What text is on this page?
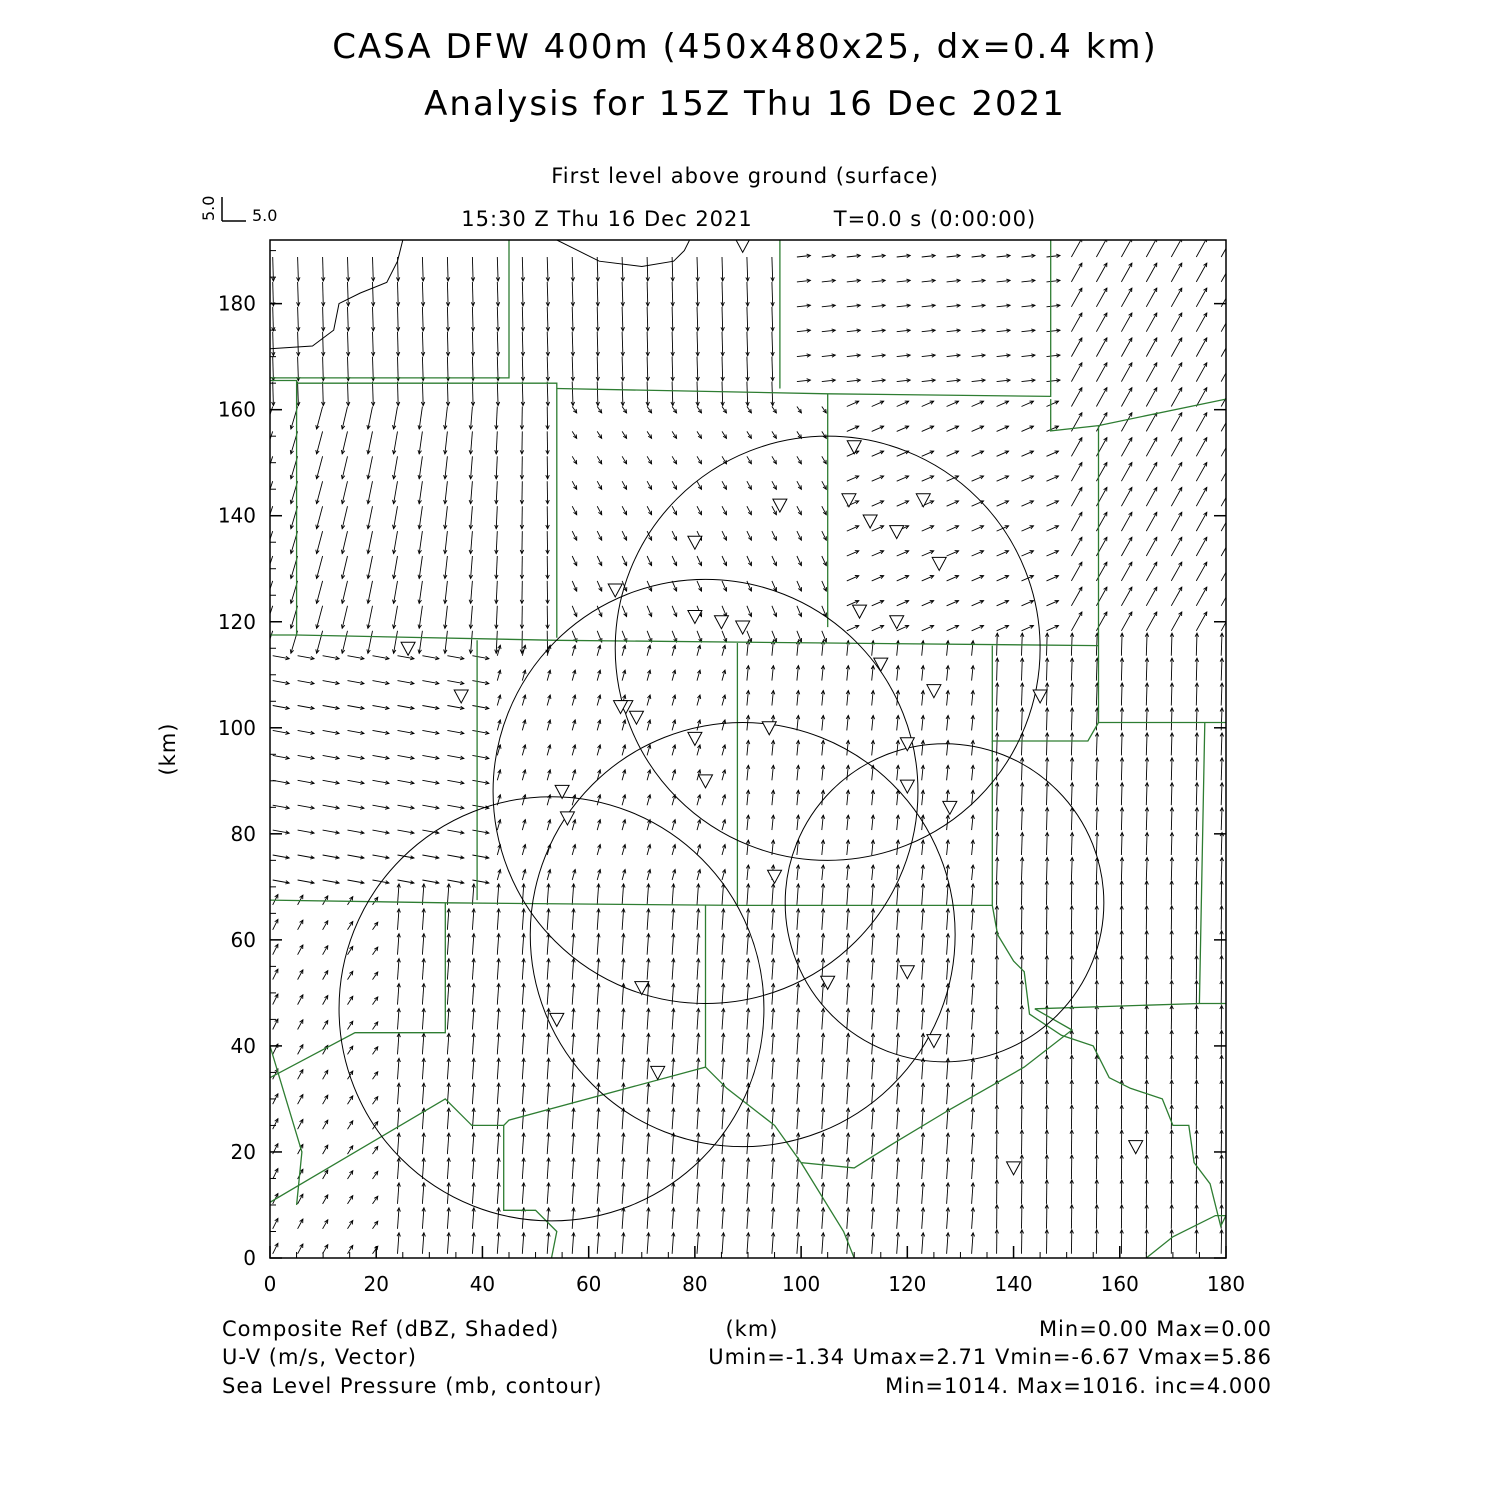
CASA DFW 400m (450x480x25, dx=0.4 km)
Analysis for 15Z Thu 16 Dec 2021
First level above ground (surface)
15:30 Z Thu 16 Dec 2021	T=0.0 s (0:00:00)
5.0
5.0
0	20	40	60	80	100	120	140	160	180
0
20
40
60
80
100
120
140
160
180
(km)
Composite Ref (dBZ, Shaded)	(km)	Min=0.00 Max=0.00
U-V (m/s, Vector)	Umin=-1.34 Umax=2.71 Vmin=-6.67 Vmax=5.86
Sea Level Pressure (mb, contour)	Min=1014. Max=1016. inc=4.000
